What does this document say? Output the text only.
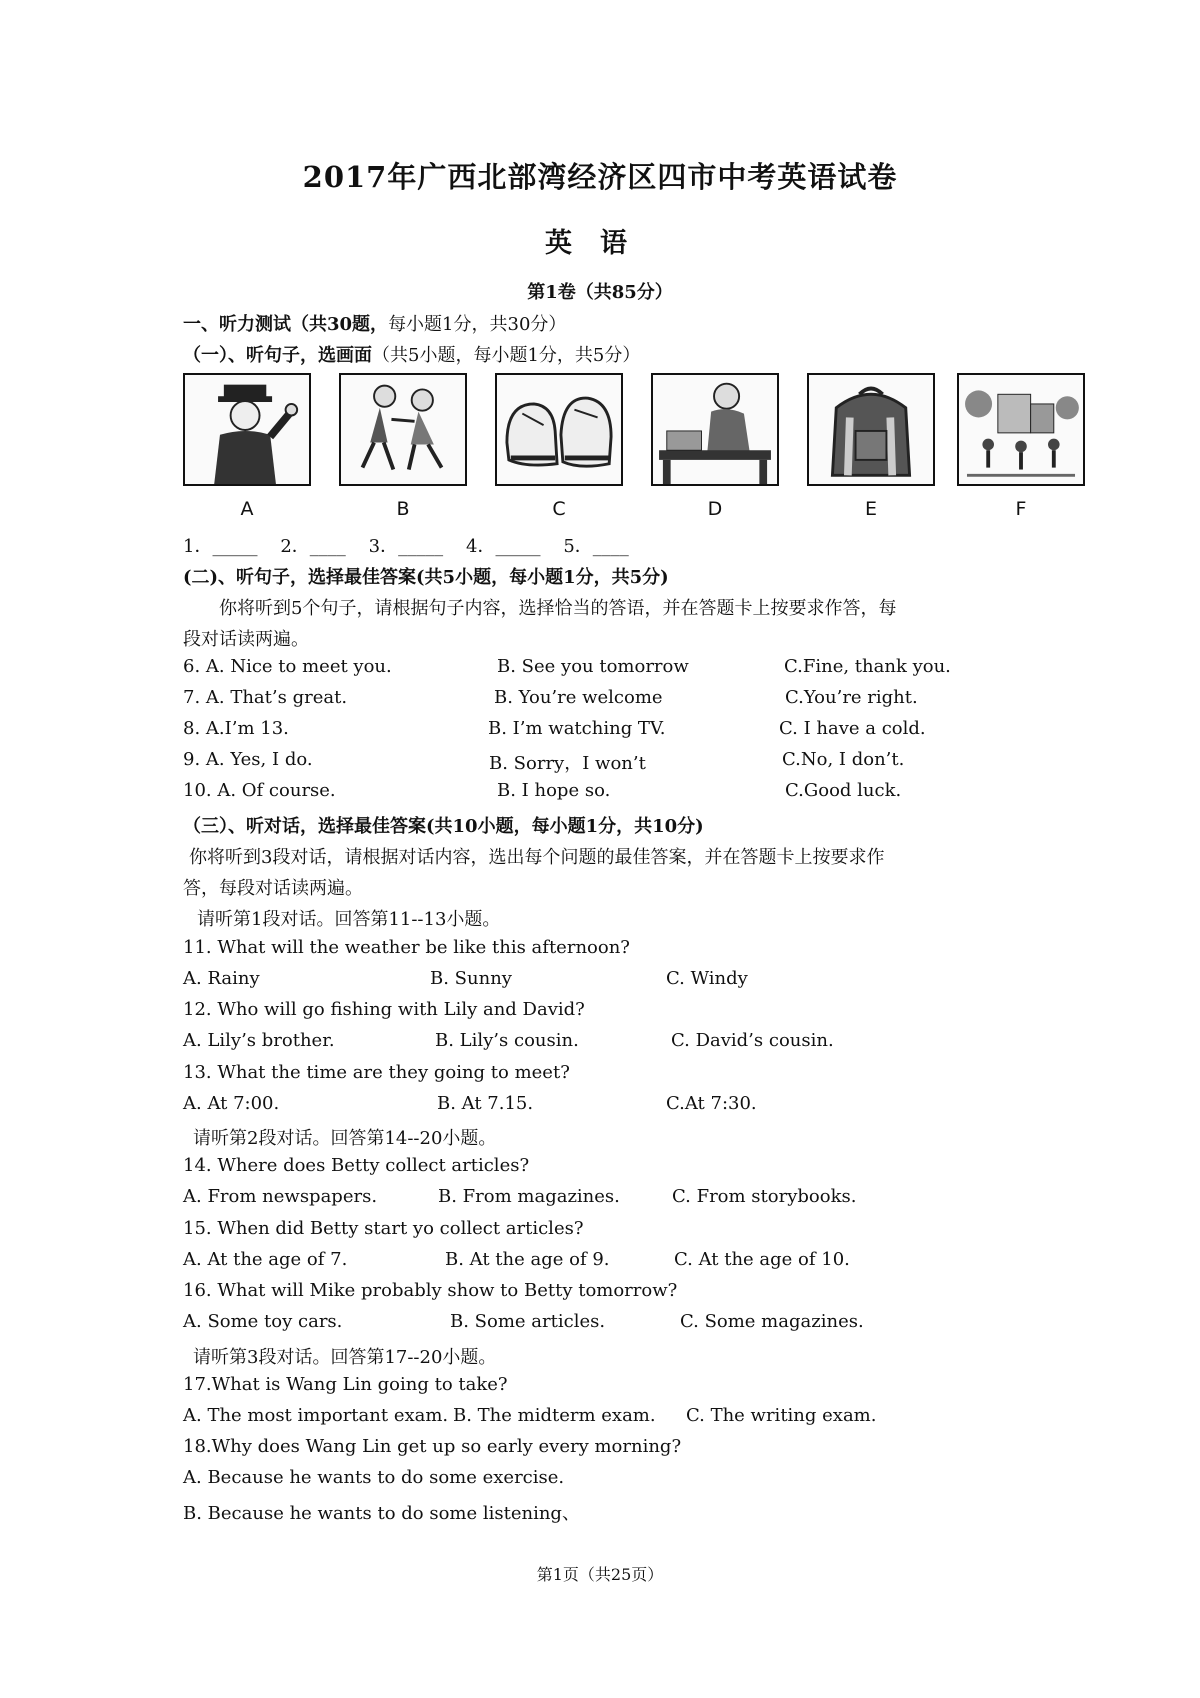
2017年广西北部湾经济区四市中考英语试卷
英语
第1卷（共85分）
一、听力测试（共30题，每小题1分，共30分）
（一）、听句子，选画面（共5小题，每小题1分，共5分）
A	B	C	D	E	F
1．_____    2．____    3．_____    4．_____    5．____
(二)、听句子，选择最佳答案(共5小题，每小题1分，共5分)
你将听到5个句子，请根据句子内容，选择恰当的答语，并在答题卡上按要求作答，每
段对话读两遍。
6. A. Nice to meet you.	B. See you tomorrow	C.Fine, thank you.
7. A. That’s great.	B. You’re welcome	C.You’re right.
8. A.I’m 13.	B. I’m watching TV.	C. I have a cold.
9. A. Yes, I do.	B. Sorry，I won’t	C.No, I don’t.
10. A. Of course.	B. I hope so.	C.Good luck.
（三）、听对话，选择最佳答案(共10小题，每小题1分，共10分)
你将听到3段对话，请根据对话内容，选出每个问题的最佳答案，并在答题卡上按要求作
答，每段对话读两遍。
请听第1段对话。回答第11--13小题。
11. What will the weather be like this afternoon?
A. Rainy	B. Sunny	C. Windy
12. Who will go fishing with Lily and David?
A. Lily’s brother.	B. Lily’s cousin.	C. David’s cousin.
13. What the time are they going to meet?
A. At 7:00.	B. At 7.15.	C.At 7:30.
请听第2段对话。回答第14--20小题。
14. Where does Betty collect articles?
A. From newspapers.	B. From magazines.	C. From storybooks.
15. When did Betty start yo collect articles?
A. At the age of 7.	B. At the age of 9.	C. At the age of 10.
16. What will Mike probably show to Betty tomorrow?
A. Some toy cars.	B. Some articles.	C. Some magazines.
请听第3段对话。回答第17--20小题。
17.What is Wang Lin going to take?
A. The most important exam. B. The midterm exam. C. The writing exam.
18.Why does Wang Lin get up so early every morning?
A. Because he wants to do some exercise.
B. Because he wants to do some listening、
第1页（共25页）
